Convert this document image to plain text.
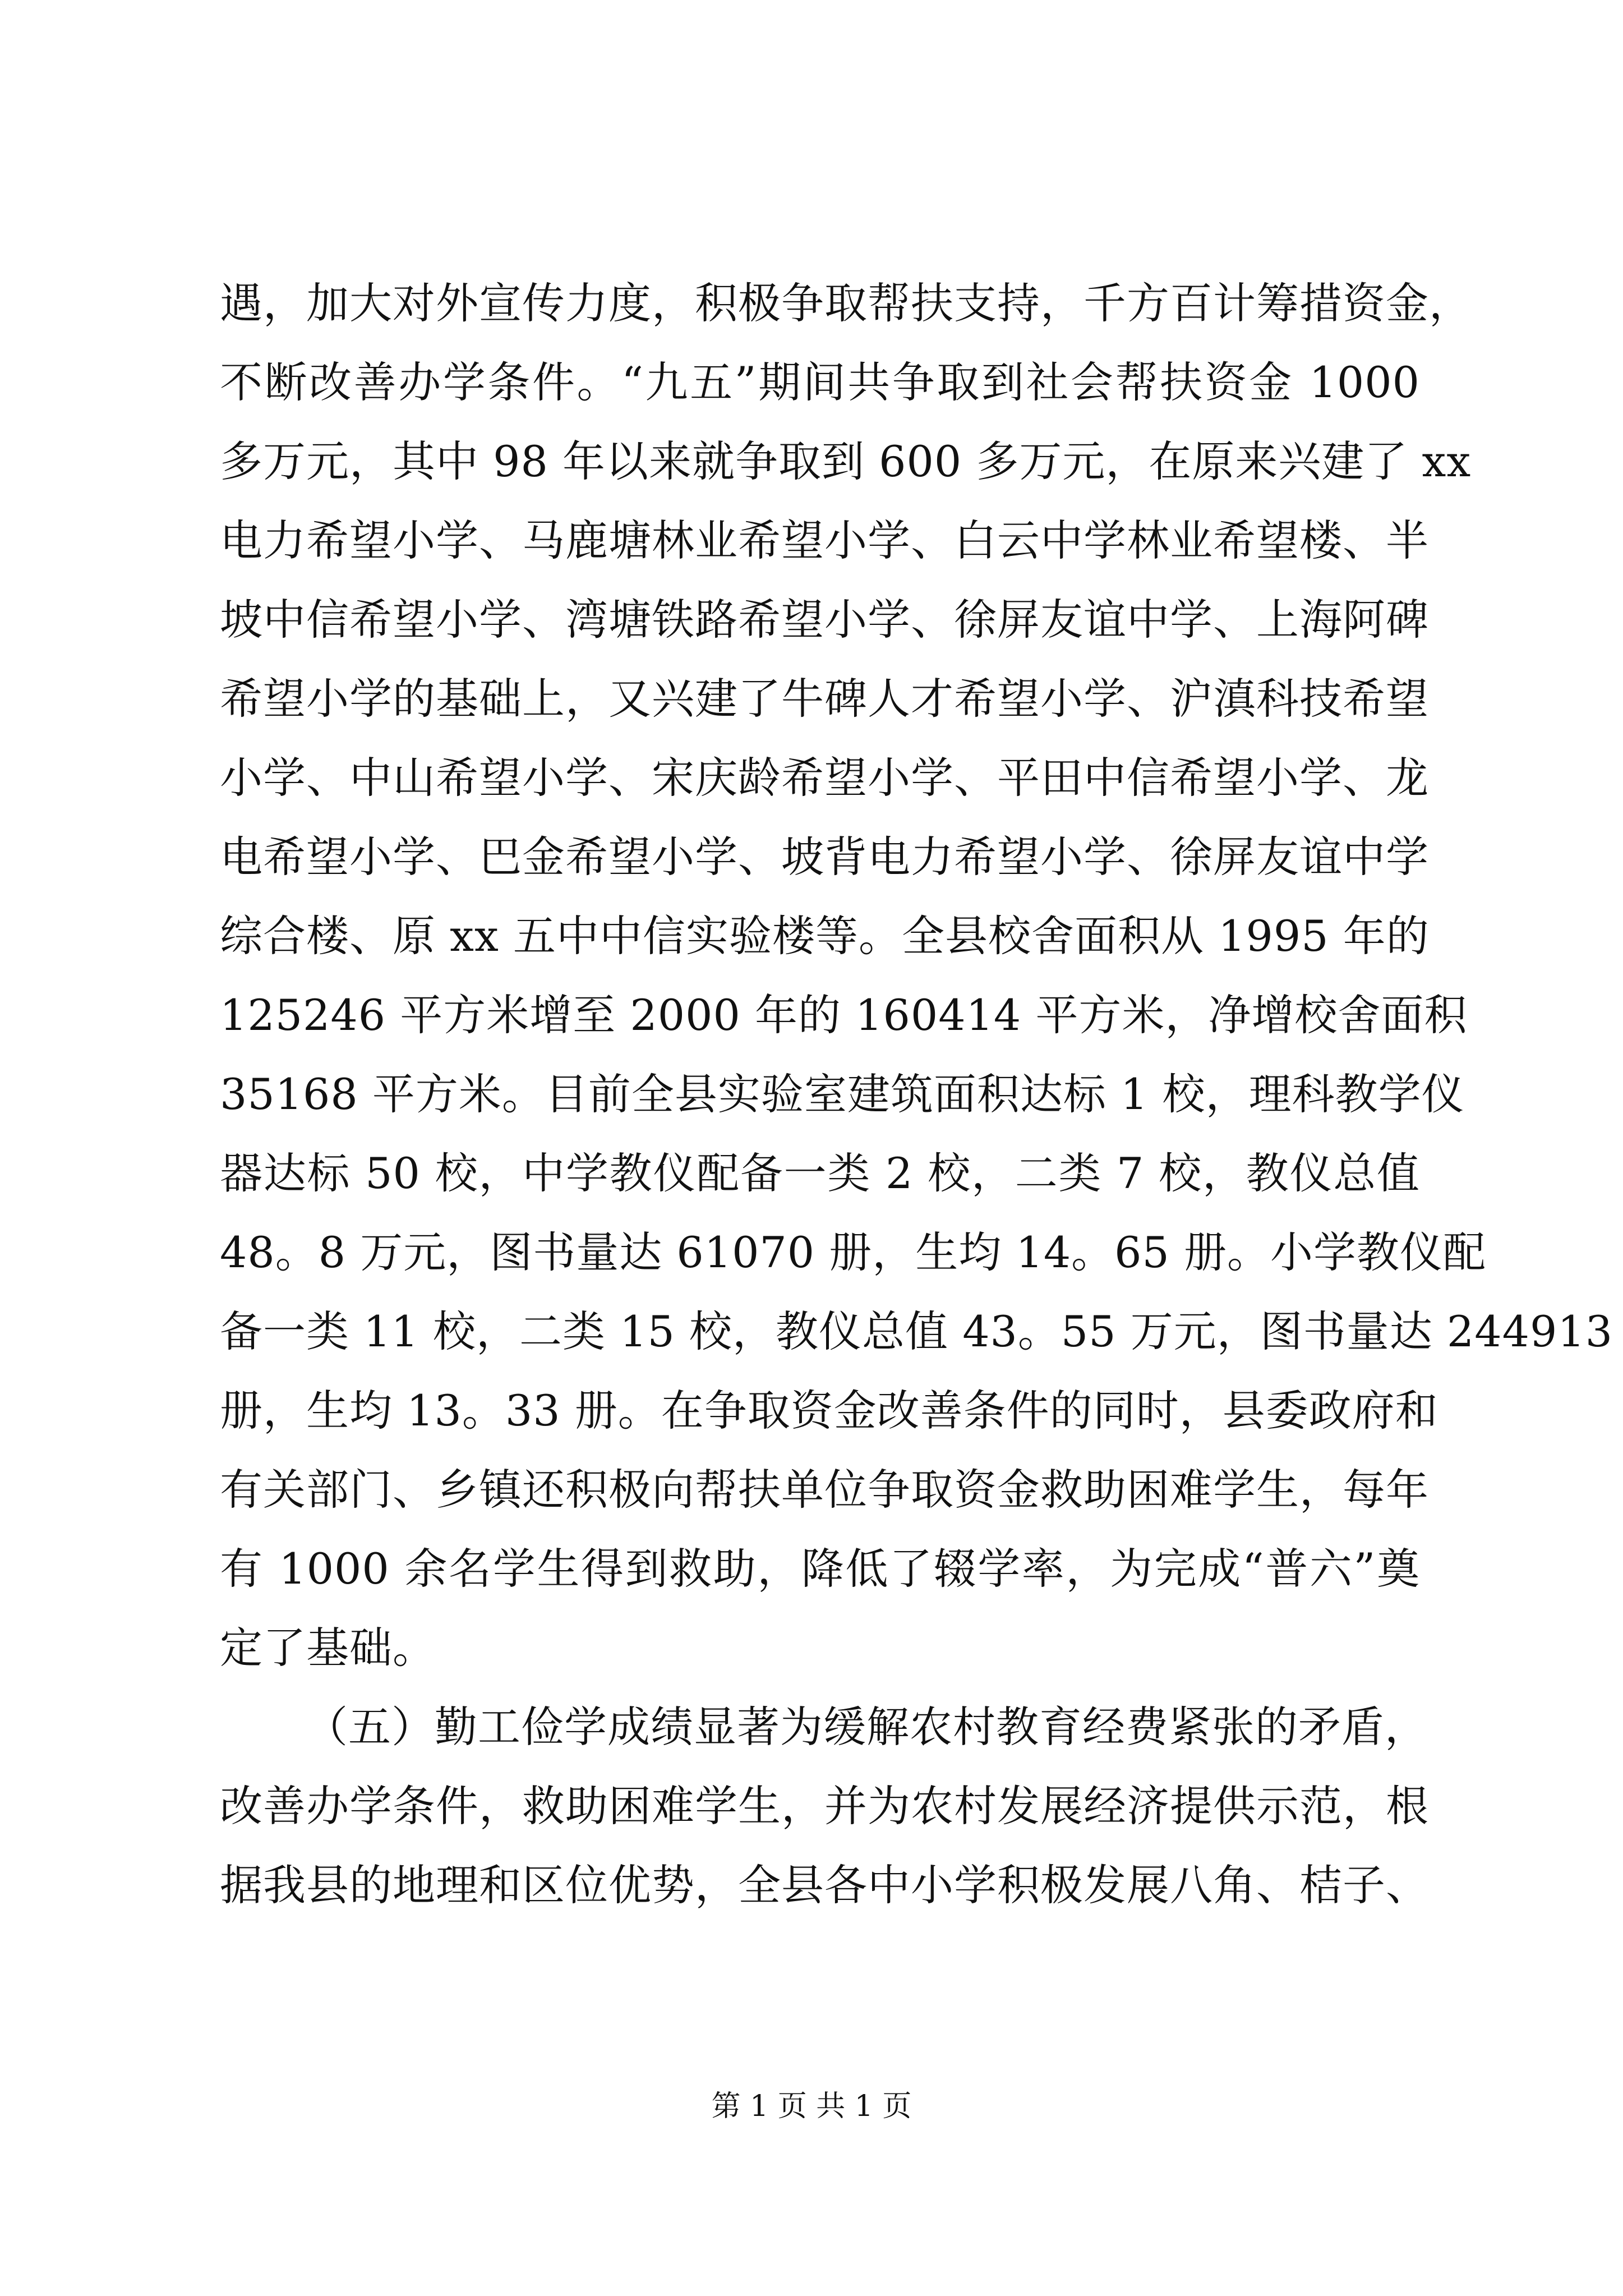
遇，加大对外宣传力度，积极争取帮扶支持，千方百计筹措资金，
不断改善办学条件。“九五”期间共争取到社会帮扶资金 1000
多万元，其中 98 年以来就争取到 600 多万元，在原来兴建了 xx
电力希望小学、马鹿塘林业希望小学、白云中学林业希望楼、半
坡中信希望小学、湾塘铁路希望小学、徐屏友谊中学、上海阿碑
希望小学的基础上，又兴建了牛碑人才希望小学、沪滇科技希望
小学、中山希望小学、宋庆龄希望小学、平田中信希望小学、龙
电希望小学、巴金希望小学、坡背电力希望小学、徐屏友谊中学
综合楼、原 xx 五中中信实验楼等。全县校舍面积从 1995 年的
125246 平方米增至 2000 年的 160414 平方米，净增校舍面积
35168 平方米。目前全县实验室建筑面积达标 1 校，理科教学仪
器达标 50 校，中学教仪配备一类 2 校，二类 7 校，教仪总值
48。8 万元，图书量达 61070 册，生均 14。65 册。小学教仪配
备一类 11 校，二类 15 校，教仪总值 43。55 万元，图书量达 244913
册，生均 13。33 册。在争取资金改善条件的同时，县委政府和
有关部门、乡镇还积极向帮扶单位争取资金救助困难学生，每年
有 1000 余名学生得到救助，降低了辍学率，为完成“普六”奠
定了基础。
（五）勤工俭学成绩显著为缓解农村教育经费紧张的矛盾，
改善办学条件，救助困难学生，并为农村发展经济提供示范，根
据我县的地理和区位优势，全县各中小学积极发展八角、桔子、
第 1 页 共 1 页
